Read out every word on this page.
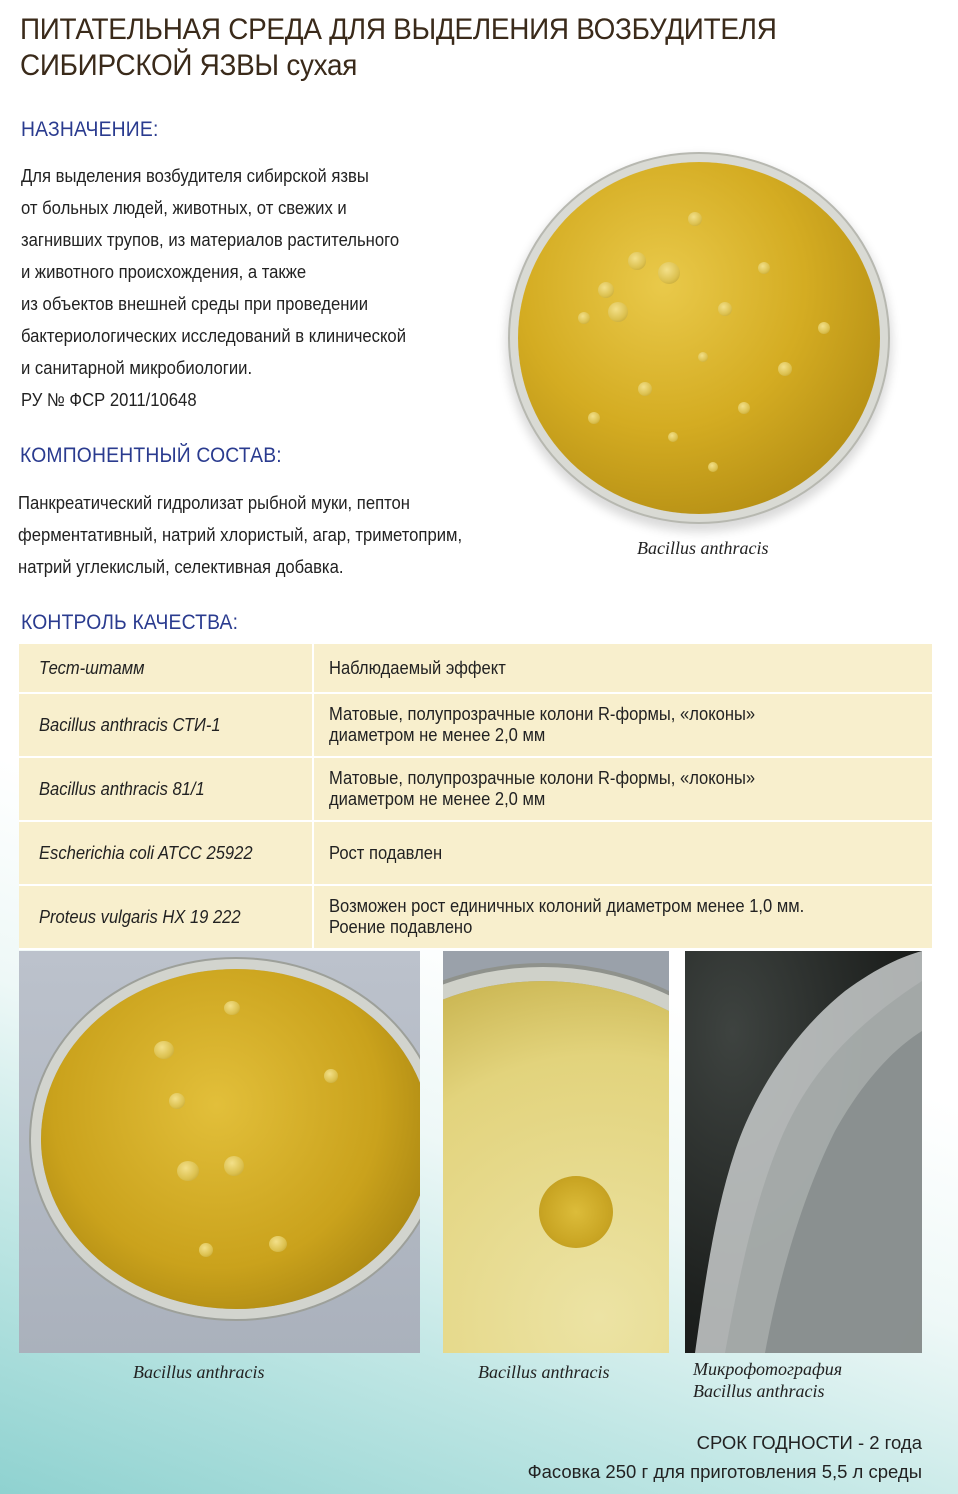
ПИТАТЕЛЬНАЯ СРЕДА ДЛЯ ВЫДЕЛЕНИЯ ВОЗБУДИТЕЛЯ
СИБИРСКОЙ ЯЗВЫ сухая
НАЗНАЧЕНИЕ:
Для выделения возбудителя сибирской язвы
от больных людей, животных, от свежих и
загнивших трупов, из материалов растительного
и животного происхождения, а также
из объектов внешней среды при проведении
бактериологических исследований в клинической
и санитарной микробиологии.
РУ № ФСР 2011/10648
КОМПОНЕНТНЫЙ СОСТАВ:
Панкреатический гидролизат рыбной муки, пептон
ферментативный, натрий хлористый, агар, триметоприм,
натрий углекислый, селективная добавка.
Bacillus anthracis
КОНТРОЛЬ КАЧЕСТВА:
Тест-штамм	Наблюдаемый эффект

Bacillus anthracis СТИ-1	Матовые, полупрозрачные колони R-формы, «локоны»
диаметром не менее 2,0 мм

Bacillus anthracis 81/1	Матовые, полупрозрачные колони R-формы, «локоны»
диаметром не менее 2,0 мм

Escherichia coli ATCC 25922	Рост подавлен

Proteus vulgaris HX 19 222	Возможен рост единичных колоний диаметром менее 1,0 мм.
Роение подавлено
Bacillus anthracis	Bacillus anthracis	Микрофотография
Bacillus anthracis
СРОК ГОДНОСТИ - 2 года
Фасовка 250 г для приготовления 5,5 л среды
